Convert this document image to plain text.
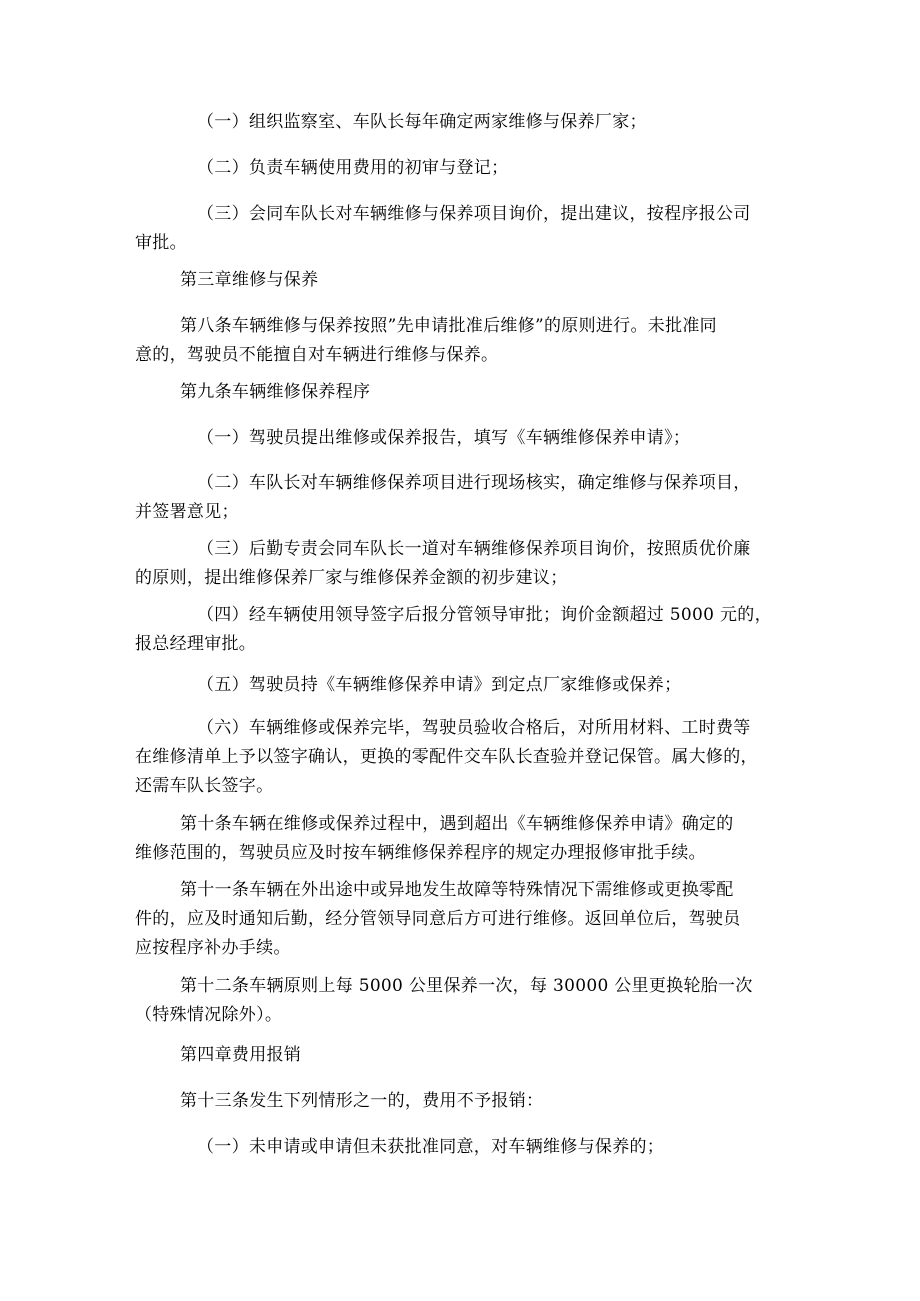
（一）组织监察室、车队长每年确定两家维修与保养厂家；

（二）负责车辆使用费用的初审与登记；

（三）会同车队长对车辆维修与保养项目询价，提出建议，按程序报公司
审批。

第三章维修与保养

第八条车辆维修与保养按照”先申请批准后维修”的原则进行。未批准同
意的，驾驶员不能擅自对车辆进行维修与保养。

第九条车辆维修保养程序

（一）驾驶员提出维修或保养报告，填写《车辆维修保养申请》；

（二）车队长对车辆维修保养项目进行现场核实，确定维修与保养项目，
并签署意见；

（三）后勤专责会同车队长一道对车辆维修保养项目询价，按照质优价廉
的原则，提出维修保养厂家与维修保养金额的初步建议；

（四）经车辆使用领导签字后报分管领导审批；询价金额超过 5000 元的，
报总经理审批。

（五）驾驶员持《车辆维修保养申请》到定点厂家维修或保养；

（六）车辆维修或保养完毕，驾驶员验收合格后，对所用材料、工时费等
在维修清单上予以签字确认，更换的零配件交车队长查验并登记保管。属大修的，
还需车队长签字。

第十条车辆在维修或保养过程中，遇到超出《车辆维修保养申请》确定的
维修范围的，驾驶员应及时按车辆维修保养程序的规定办理报修审批手续。

第十一条车辆在外出途中或异地发生故障等特殊情况下需维修或更换零配
件的，应及时通知后勤，经分管领导同意后方可进行维修。返回单位后，驾驶员
应按程序补办手续。

第十二条车辆原则上每 5000 公里保养一次，每 30000 公里更换轮胎一次
（特殊情况除外）。

第四章费用报销

第十三条发生下列情形之一的，费用不予报销：

（一）未申请或申请但未获批准同意，对车辆维修与保养的；
